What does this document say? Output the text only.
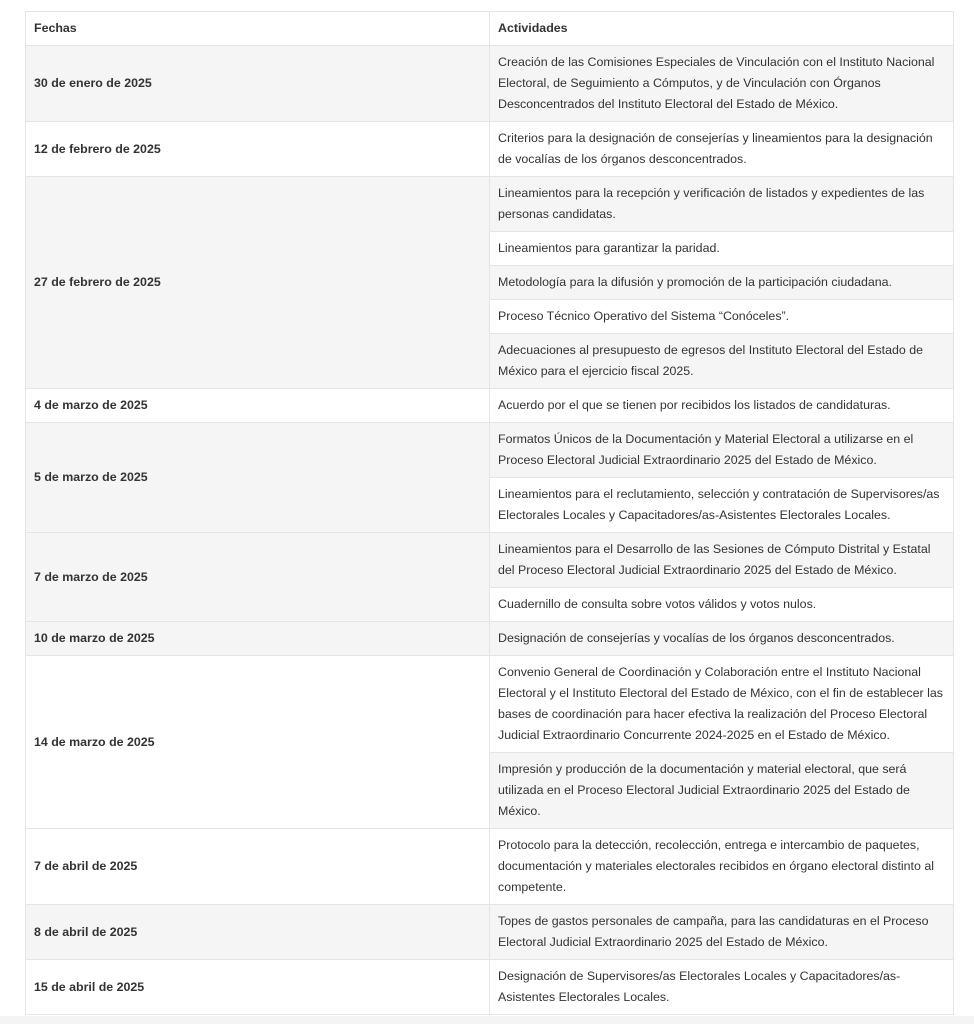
Fechas	Actividades
30 de enero de 2025	Creación de las Comisiones Especiales de Vinculación con el Instituto Nacional Electoral, de Seguimiento a Cómputos, y de Vinculación con Órganos Desconcentrados del Instituto Electoral del Estado de México.
12 de febrero de 2025	Criterios para la designación de consejerías y lineamientos para la designación de vocalías de los órganos desconcentrados.
27 de febrero de 2025	Lineamientos para la recepción y verificación de listados y expedientes de las personas candidatas.
	Lineamientos para garantizar la paridad.
	Metodología para la difusión y promoción de la participación ciudadana.
	Proceso Técnico Operativo del Sistema “Conóceles”.
	Adecuaciones al presupuesto de egresos del Instituto Electoral del Estado de México para el ejercicio fiscal 2025.
4 de marzo de 2025	Acuerdo por el que se tienen por recibidos los listados de candidaturas.
5 de marzo de 2025	Formatos Únicos de la Documentación y Material Electoral a utilizarse en el Proceso Electoral Judicial Extraordinario 2025 del Estado de México.
	Lineamientos para el reclutamiento, selección y contratación de Supervisores/as Electorales Locales y Capacitadores/as-Asistentes Electorales Locales.
7 de marzo de 2025	Lineamientos para el Desarrollo de las Sesiones de Cómputo Distrital y Estatal del Proceso Electoral Judicial Extraordinario 2025 del Estado de México.
	Cuadernillo de consulta sobre votos válidos y votos nulos.
10 de marzo de 2025	Designación de consejerías y vocalías de los órganos desconcentrados.
14 de marzo de 2025	Convenio General de Coordinación y Colaboración entre el Instituto Nacional Electoral y el Instituto Electoral del Estado de México, con el fin de establecer las bases de coordinación para hacer efectiva la realización del Proceso Electoral Judicial Extraordinario Concurrente 2024-2025 en el Estado de México.
	Impresión y producción de la documentación y material electoral, que será utilizada en el Proceso Electoral Judicial Extraordinario 2025 del Estado de México.
7 de abril de 2025	Protocolo para la detección, recolección, entrega e intercambio de paquetes, documentación y materiales electorales recibidos en órgano electoral distinto al competente.
8 de abril de 2025	Topes de gastos personales de campaña, para las candidaturas en el Proceso Electoral Judicial Extraordinario 2025 del Estado de México.
15 de abril de 2025	Designación de Supervisores/as Electorales Locales y Capacitadores/as-Asistentes Electorales Locales.
